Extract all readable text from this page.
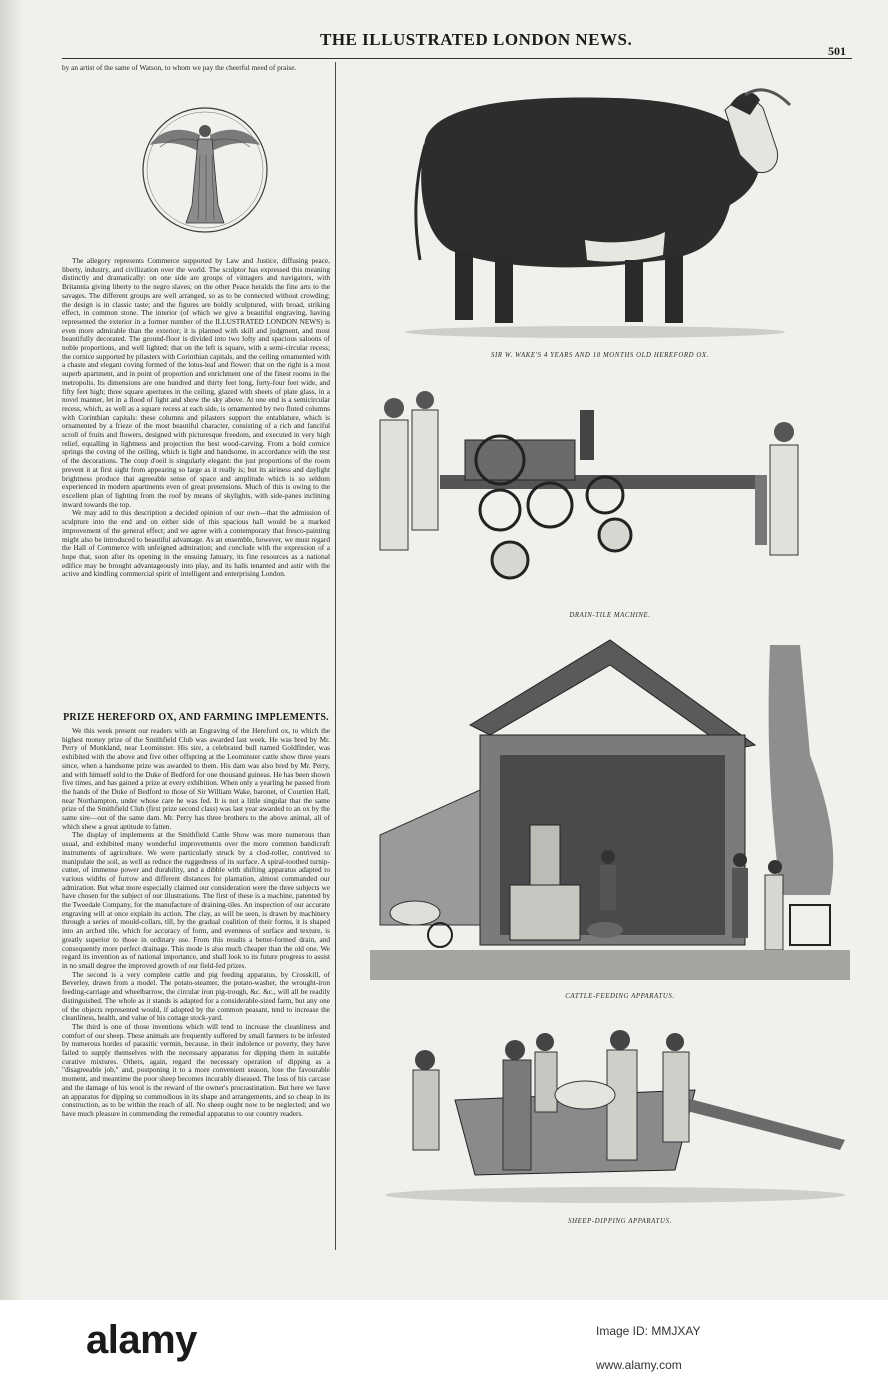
THE ILLUSTRATED LONDON NEWS.
501

by an artist of the same of Watson, to whom we pay the cheerful meed of praise.

The allegory represents Commerce supported by Law and Justice, diffusing peace, liberty, industry, and civilization over the world. The sculptor has expressed this meaning distinctly and dramatically: on one side are groups of vintagers and navigators, with Britannia giving liberty to the negro slaves; on the other Peace heralds the fine arts to the savages. The different groups are well arranged, so as to be connected without crowding; the design is in classic taste; and the figures are boldly sculptured, with broad, striking effect, in common stone. The interior (of which we give a beautiful engraving, having represented the exterior in a former number of the ILLUSTRATED LONDON NEWS) is even more admirable than the exterior; it is planned with skill and judgment, and most beautifully decorated. The ground-floor is divided into two lofty and spacious saloons of noble proportions, and well lighted: that on the left is square, with a semi-circular recess; the cornice supported by pilasters with Corinthian capitals, and the ceiling ornamented with a chaste and elegant coving formed of the lotus-leaf and flower: that on the right is a most superb apartment, and in point of proportion and enrichment one of the finest rooms in the metropolis. Its dimensions are one hundred and thirty feet long, forty-four feet wide, and fifty feet high; three square apertures in the ceiling, glazed with sheets of plate glass, in a novel manner, let in a flood of light and show the sky above. At one end is a semicircular recess, which, as well as a square recess at each side, is ornamented by two fluted columns with Corinthian capitals: these columns and pilasters support the entablature, which is ornamented by a frieze of the most beautiful character, consisting of a rich and fanciful scroll of fruits and flowers, designed with picturesque freedom, and executed in very high relief, equalling in lightness and projection the best wood-carving. From a bold cornice springs the coving of the ceiling, which is light and handsome, in accordance with the rest of the decorations. The coup d'oeil is singularly elegant: the just proportions of the room prevent it at first sight from appearing so large as it really is; but its airiness and daylight brightness produce that agreeable sense of space and amplitude which is so seldom experienced in modern apartments even of great pretensions. Much of this is owing to the excellent plan of lighting from the roof by means of skylights, with side-panes inclining inward towards the top.

We may add to this description a decided opinion of our own—that the admission of sculpture into the end and on either side of this spacious hall would be a marked improvement of the general effect; and we agree with a contemporary that fresco-painting might also be introduced to beautiful advantage. As an ensemble, however, we must regard the Hall of Commerce with unfeigned admiration; and conclude with the expression of a hope that, soon after its opening in the ensuing January, its fine resources as a national edifice may be brought advantageously into play, and its halls tenanted and astir with the active and kindling commercial spirit of intelligent and enterprising London.

PRIZE HEREFORD OX, AND FARMING IMPLEMENTS.

We this week present our readers with an Engraving of the Hereford ox, to which the highest money prize of the Smithfield Club was awarded last week. He was bred by Mr. Perry of Monkland, near Leominster. His sire, a celebrated bull named Goldfinder, was exhibited with the above and five other offspring at the Leominster cattle show three years since, when a handsome prize was awarded to them. His dam was also bred by Mr. Perry, and with himself sold to the Duke of Bedford for one thousand guineas. He has been shown five times, and has gained a prize at every exhibition. When only a yearling he passed from the hands of the Duke of Bedford to those of Sir William Wake, baronet, of Courtien Hall, near Northampton, under whose care he was fed. It is not a little singular that the same prize of the Smithfield Club (first prize second class) was last year awarded to an ox by the same sire—out of the same dam. Mr. Perry has three brothers to the above animal, all of which shew a great aptitude to fatten.

The display of implements at the Smithfield Cattle Show was more numerous than usual, and exhibited many wonderful improvements over the more common handicraft instruments of agriculture. We were particularly struck by a clod-roller, contrived to manipulate the soil, as well as reduce the ruggedness of its surface. A spiral-toothed turnip-cutter, of immense power and durability, and a dibble with shifting apparatus adapted to various widths of furrow and different distances for plantation, almost commanded our admiration. But what more especially claimed our consideration were the three subjects we have chosen for the subject of our illustrations. The first of these is a machine, patented by the Tweedale Company, for the manufacture of draining-tiles. An inspection of our accurate engraving will at once explain its action. The clay, as will be seen, is drawn by machinery through a series of mould-collars, till, by the gradual coalition of their forms, it is shaped into an arched tile, which for accuracy of form, and evenness of surface and texture, is greatly superior to those in ordinary use. From this results a better-formed drain, and consequently more perfect drainage. This mode is also much cheaper than the old one. We regard its invention as of national importance, and shall look to its future progress to assist in no small degree the improved growth of our field-fed prizes.

The second is a very complete cattle and pig feeding apparatus, by Crosskill, of Beverley, drawn from a model. The potato-steamer, the potato-washer, the wrought-iron feeding-carriage and wheelbarrow, the circular iron pig-trough, &c. &c., will all be readily distinguished. The whole as it stands is adapted for a considerable-sized farm, but any one of the objects represented would, if adopted by the common peasant, tend to increase the cleanliness, health, and value of his cottage stock-yard.

The third is one of those inventions which will tend to increase the cleanliness and comfort of our sheep. These animals are frequently suffered by small farmers to be infested by numerous hordes of parasitic vermin, because, in their indolence or poverty, they have failed to supply themselves with the necessary apparatus for dipping them in suitable curative mixtures. Others, again, regard the necessary operation of dipping as a "disagreeable job," and, postponing it to a more convenient season, lose the favourable moment, and meantime the poor sheep becomes incurably diseased. The loss of his carcase and the damage of his wool is the reward of the owner's procrastination. But here we have an apparatus for dipping so commodious in its shape and arrangements, and so cheap in its construction, as to be within the reach of all. No sheep ought now to be neglected; and we have much pleasure in commending the remedial apparatus to our country readers.

SIR W. WAKE'S 4 YEARS AND 10 MONTHS OLD HEREFORD OX.
DRAIN-TILE MACHINE.
CATTLE-FEEDING APPARATUS.
SHEEP-DIPPING APPARATUS.
alamy	Image ID: MMJXAY
www.alamy.com
